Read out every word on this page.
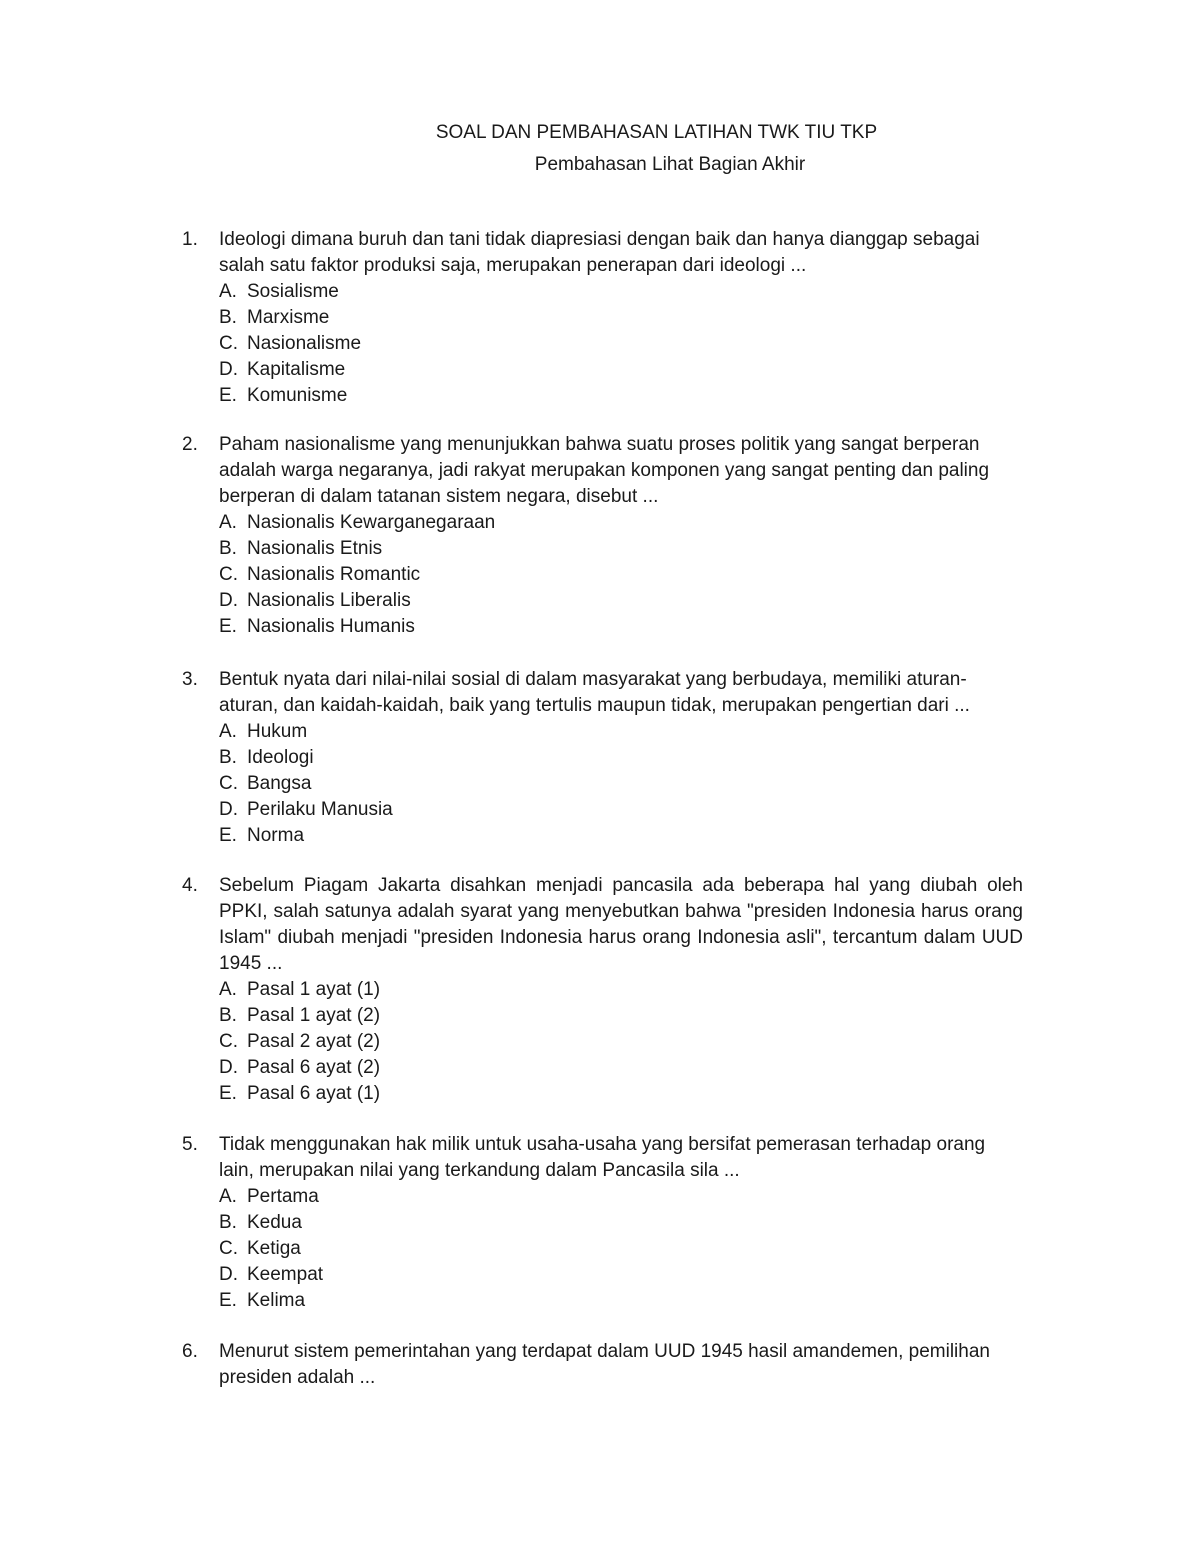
SOAL DAN PEMBAHASAN LATIHAN TWK TIU TKP
Pembahasan Lihat Bagian Akhir
1. Ideologi dimana buruh dan tani tidak diapresiasi dengan baik dan hanya dianggap sebagai salah satu faktor produksi saja, merupakan penerapan dari ideologi ...
A. Sosialisme
B. Marxisme
C. Nasionalisme
D. Kapitalisme
E. Komunisme
2. Paham nasionalisme yang menunjukkan bahwa suatu proses politik yang sangat berperan adalah warga negaranya, jadi rakyat merupakan komponen yang sangat penting dan paling berperan di dalam tatanan sistem negara, disebut ...
A. Nasionalis Kewarganegaraan
B. Nasionalis Etnis
C. Nasionalis Romantic
D. Nasionalis Liberalis
E. Nasionalis Humanis
3. Bentuk nyata dari nilai-nilai sosial di dalam masyarakat yang berbudaya, memiliki aturan-aturan, dan kaidah-kaidah, baik yang tertulis maupun tidak, merupakan pengertian dari ...
A. Hukum
B. Ideologi
C. Bangsa
D. Perilaku Manusia
E. Norma
4. Sebelum Piagam Jakarta disahkan menjadi pancasila ada beberapa hal yang diubah oleh PPKI, salah satunya adalah syarat yang menyebutkan bahwa "presiden Indonesia harus orang Islam" diubah menjadi "presiden Indonesia harus orang Indonesia asli", tercantum dalam UUD 1945 ...
A. Pasal 1 ayat (1)
B. Pasal 1 ayat (2)
C. Pasal 2 ayat (2)
D. Pasal 6 ayat (2)
E. Pasal 6 ayat (1)
5. Tidak menggunakan hak milik untuk usaha-usaha yang bersifat pemerasan terhadap orang lain, merupakan nilai yang terkandung dalam Pancasila sila ...
A. Pertama
B. Kedua
C. Ketiga
D. Keempat
E. Kelima
6. Menurut sistem pemerintahan yang terdapat dalam UUD 1945 hasil amandemen, pemilihan presiden adalah ...
